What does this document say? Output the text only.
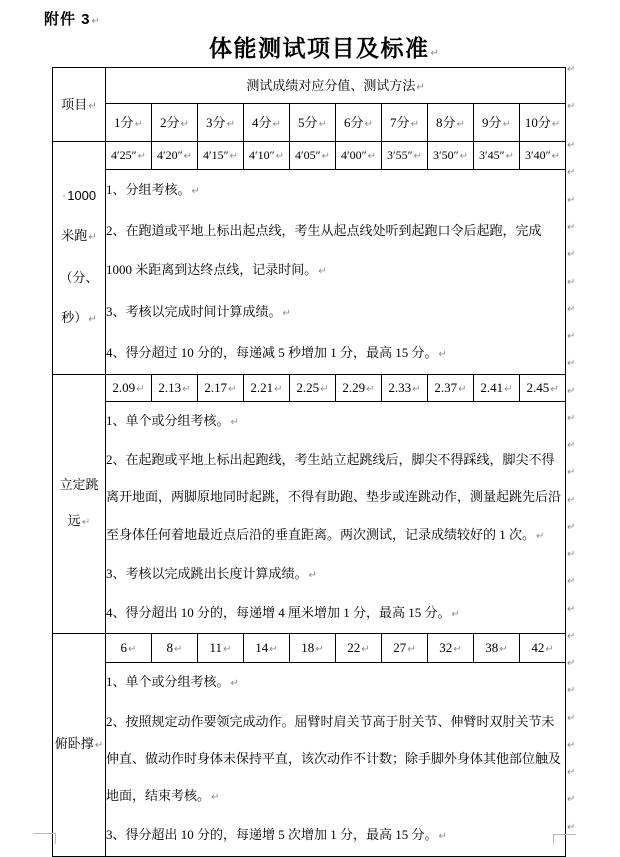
附件 3↵
体能测试项目及标准↵
项目↵	测试成绩对应分值、测试方法↵									
	1分↵	2分↵	3分↵	4分↵	5分↵	6分↵	7分↵	8分↵	9分↵	10分↵

·1000
米跑↵
（分、
秒）↵	4′25″↵	4′20″↵	4′15″↵	4′10″↵	4′05″↵	4′00″↵	3′55″↵	3′50″↵	3′45″↵	3′40″↵

	1、分组考核。↵

2、在跑道或平地上标出起点线，考生从起点线处听到起跑口令后起跑，完成 1000 米距离到达终点线，记录时间。↵

3、考核以完成时间计算成绩。↵

4、得分超过 10 分的，每递减 5 秒增加 1 分，最高 15 分。↵									

立定跳
远↵	2.09↵	2.13↵	2.17↵	2.21↵	2.25↵	2.29↵	2.33↵	2.37↵	2.41↵	2.45↵

	1、单个或分组考核。↵

2、在起跑或平地上标出起跑线，考生站立起跳线后，脚尖不得踩线，脚尖不得离开地面，两脚原地同时起跳，不得有助跑、垫步或连跳动作，测量起跳先后沿至身体任何着地最近点后沿的垂直距离。两次测试，记录成绩较好的 1 次。↵

3、考核以完成跳出长度计算成绩。↵

4、得分超出 10 分的，每递增 4 厘米增加 1 分，最高 15 分。↵									

俯卧撑↵	6↵	8↵	11↵	14↵	18↵	22↵	27↵	32↵	38↵	42↵

	1、单个或分组考核。↵

2、按照规定动作要领完成动作。屈臂时肩关节高于肘关节、伸臂时双肘关节未伸直、做动作时身体未保持平直，该次动作不计数；除手脚外身体其他部位触及地面，结束考核。↵

3、得分超出 10 分的，每递增 5 次增加 1 分，最高 15 分。↵									

↵
↵
↵
↵
↵
↵
↵
↵
↵
↵
↵
↵
↵
↵
↵
↵
↵
↵
↵
↵
↵
↵
↵
↵
↵
↵
↵
↵
